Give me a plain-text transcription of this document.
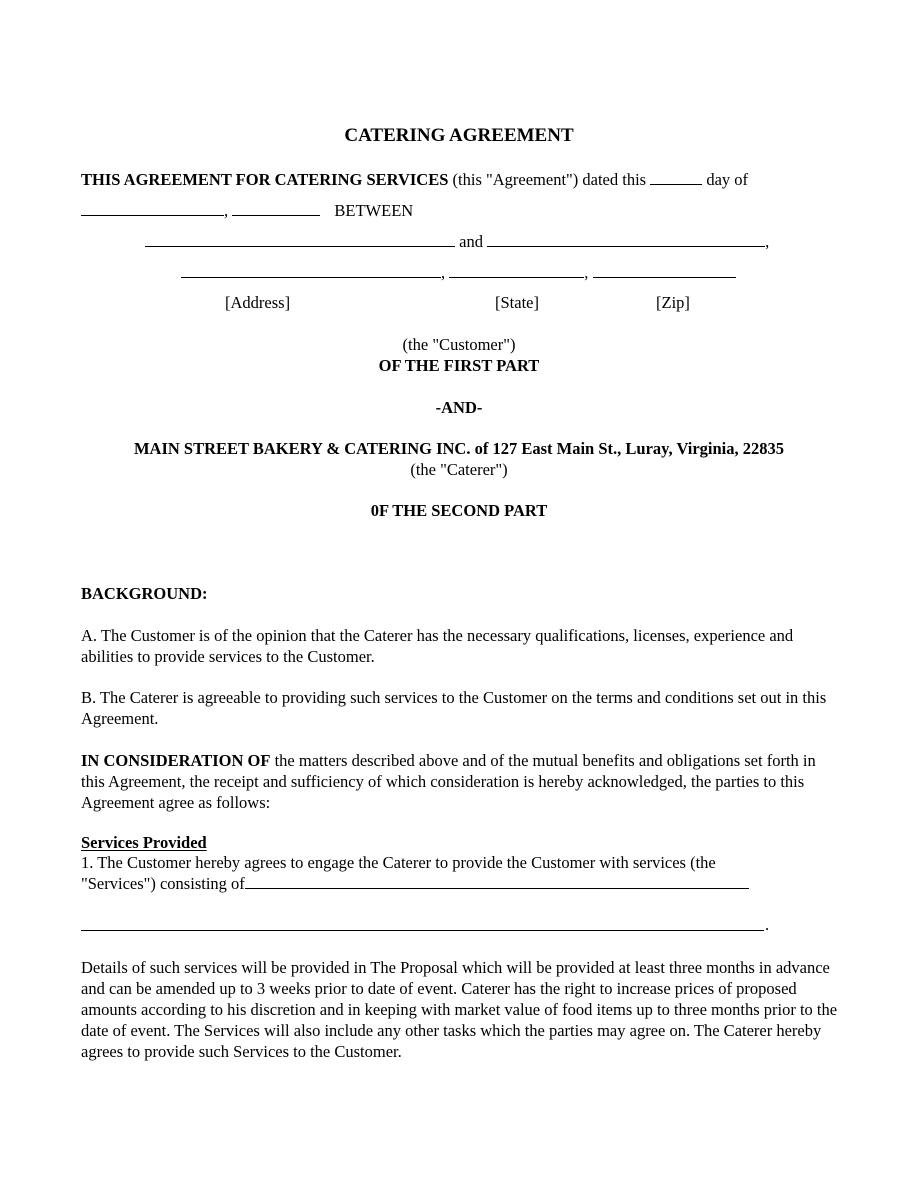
CATERING AGREEMENT
THIS AGREEMENT FOR CATERING SERVICES (this "Agreement") dated this	day of
,	BETWEEN
and	,
,	,
[Address]	[State]	[Zip]
(the "Customer")
OF THE FIRST PART
-AND-
MAIN STREET BAKERY & CATERING INC. of 127 East Main St., Luray, Virginia, 22835
(the "Caterer")
0F THE SECOND PART
BACKGROUND:
A. The Customer is of the opinion that the Caterer has the necessary qualifications, licenses, experience and abilities to provide services to the Customer.
B. The Caterer is agreeable to providing such services to the Customer on the terms and conditions set out in this Agreement.
IN CONSIDERATION OF the matters described above and of the mutual benefits and obligations set forth in this Agreement, the receipt and sufficiency of which consideration is hereby acknowledged, the parties to this Agreement agree as follows:
Services Provided
1. The Customer hereby agrees to engage the Caterer to provide the Customer with services (the
"Services") consisting of
.
Details of such services will be provided in The Proposal which will be provided at least three months in advance and can be amended up to 3 weeks prior to date of event. Caterer has the right to increase prices of proposed amounts according to his discretion and in keeping with market value of food items up to three months prior to the date of event. The Services will also include any other tasks which the parties may agree on. The Caterer hereby agrees to provide such Services to the Customer.
